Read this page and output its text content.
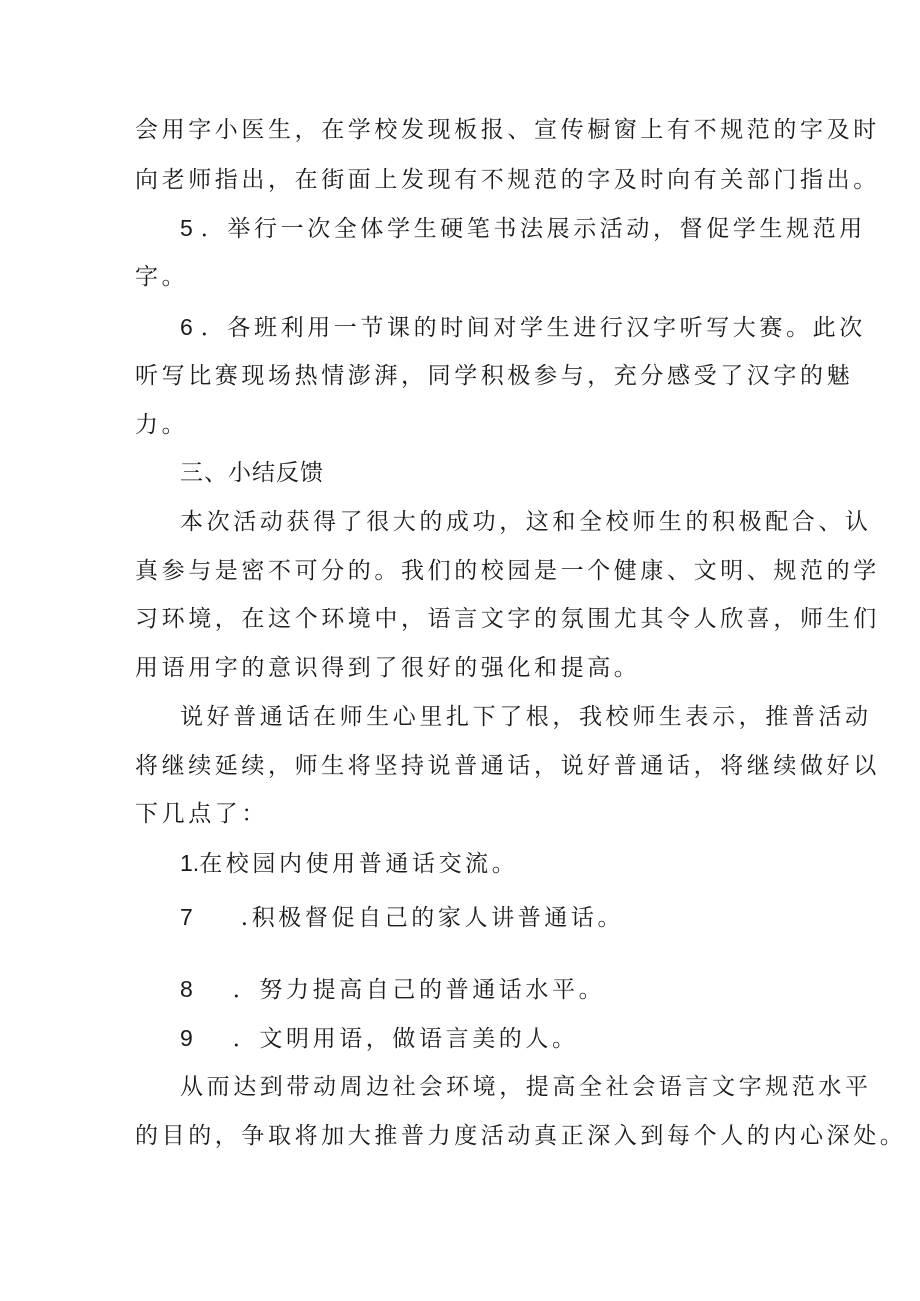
会用字小医生，在学校发现板报、宣传橱窗上有不规范的字及时
向老师指出，在街面上发现有不规范的字及时向有关部门指出。
5 ．举行一次全体学生硬笔书法展示活动，督促学生规范用
字。
6 ．各班利用一节课的时间对学生进行汉字听写大赛。此次
听写比赛现场热情澎湃，同学积极参与，充分感受了汉字的魅
力。
三、小结反馈
本次活动获得了很大的成功，这和全校师生的积极配合、认
真参与是密不可分的。我们的校园是一个健康、文明、规范的学
习环境，在这个环境中，语言文字的氛围尤其令人欣喜，师生们
用语用字的意识得到了很好的强化和提高。
说好普通话在师生心里扎下了根，我校师生表示，推普活动
将继续延续，师生将坚持说普通话，说好普通话，将继续做好以
下几点了：
1.在校园内使用普通话交流。
7 .积极督促自己的家人讲普通话。
8 ．努力提高自己的普通话水平。
9 ．文明用语，做语言美的人。
从而达到带动周边社会环境，提高全社会语言文字规范水平
的目的，争取将加大推普力度活动真正深入到每个人的内心深处。
